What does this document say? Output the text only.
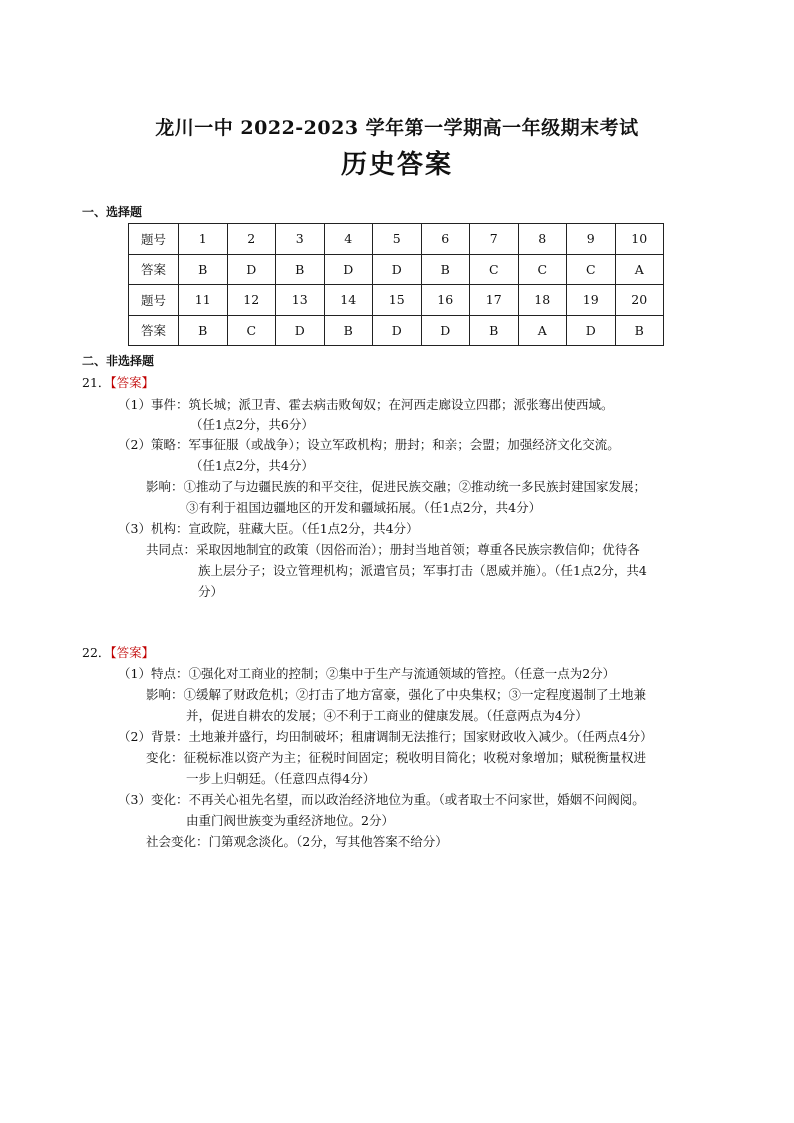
龙川一中 2022-2023 学年第一学期高一年级期末考试
历史答案
一、选择题
题号	1	2	3	4	5	6	7	8	9	10
答案	B	D	B	D	D	B	C	C	C	A
题号	11	12	13	14	15	16	17	18	19	20
答案	B	C	D	B	D	D	B	A	D	B
二、非选择题
21．【答案】
（1）事件：筑长城；派卫青、霍去病击败匈奴；在河西走廊设立四郡；派张骞出使西域。
（任1点2分，共6分）
（2）策略：军事征服（或战争）；设立军政机构；册封；和亲；会盟；加强经济文化交流。
（任1点2分，共4分）
影响：①推动了与边疆民族的和平交往，促进民族交融；②推动统一多民族封建国家发展；
③有利于祖国边疆地区的开发和疆域拓展。（任1点2分，共4分）
（3）机构：宣政院，驻藏大臣。（任1点2分，共4分）
共同点：采取因地制宜的政策（因俗而治）；册封当地首领；尊重各民族宗教信仰；优待各
族上层分子；设立管理机构；派遣官员；军事打击（恩威并施）。（任1点2分，共4
分）
22．【答案】
（1）特点：①强化对工商业的控制；②集中于生产与流通领域的管控。（任意一点为2分）
影响：①缓解了财政危机；②打击了地方富豪，强化了中央集权；③一定程度遏制了土地兼
并，促进自耕农的发展；④不利于工商业的健康发展。（任意两点为4分）
（2）背景：土地兼并盛行，均田制破坏；租庸调制无法推行；国家财政收入减少。（任两点4分）
变化：征税标准以资产为主；征税时间固定；税收明目简化；收税对象增加；赋税衡量权进
一步上归朝廷。（任意四点得4分）
（3）变化：不再关心祖先名望，而以政治经济地位为重。（或者取士不问家世，婚姻不问阀阅。
由重门阀世族变为重经济地位。2分）
社会变化：门第观念淡化。（2分，写其他答案不给分）
